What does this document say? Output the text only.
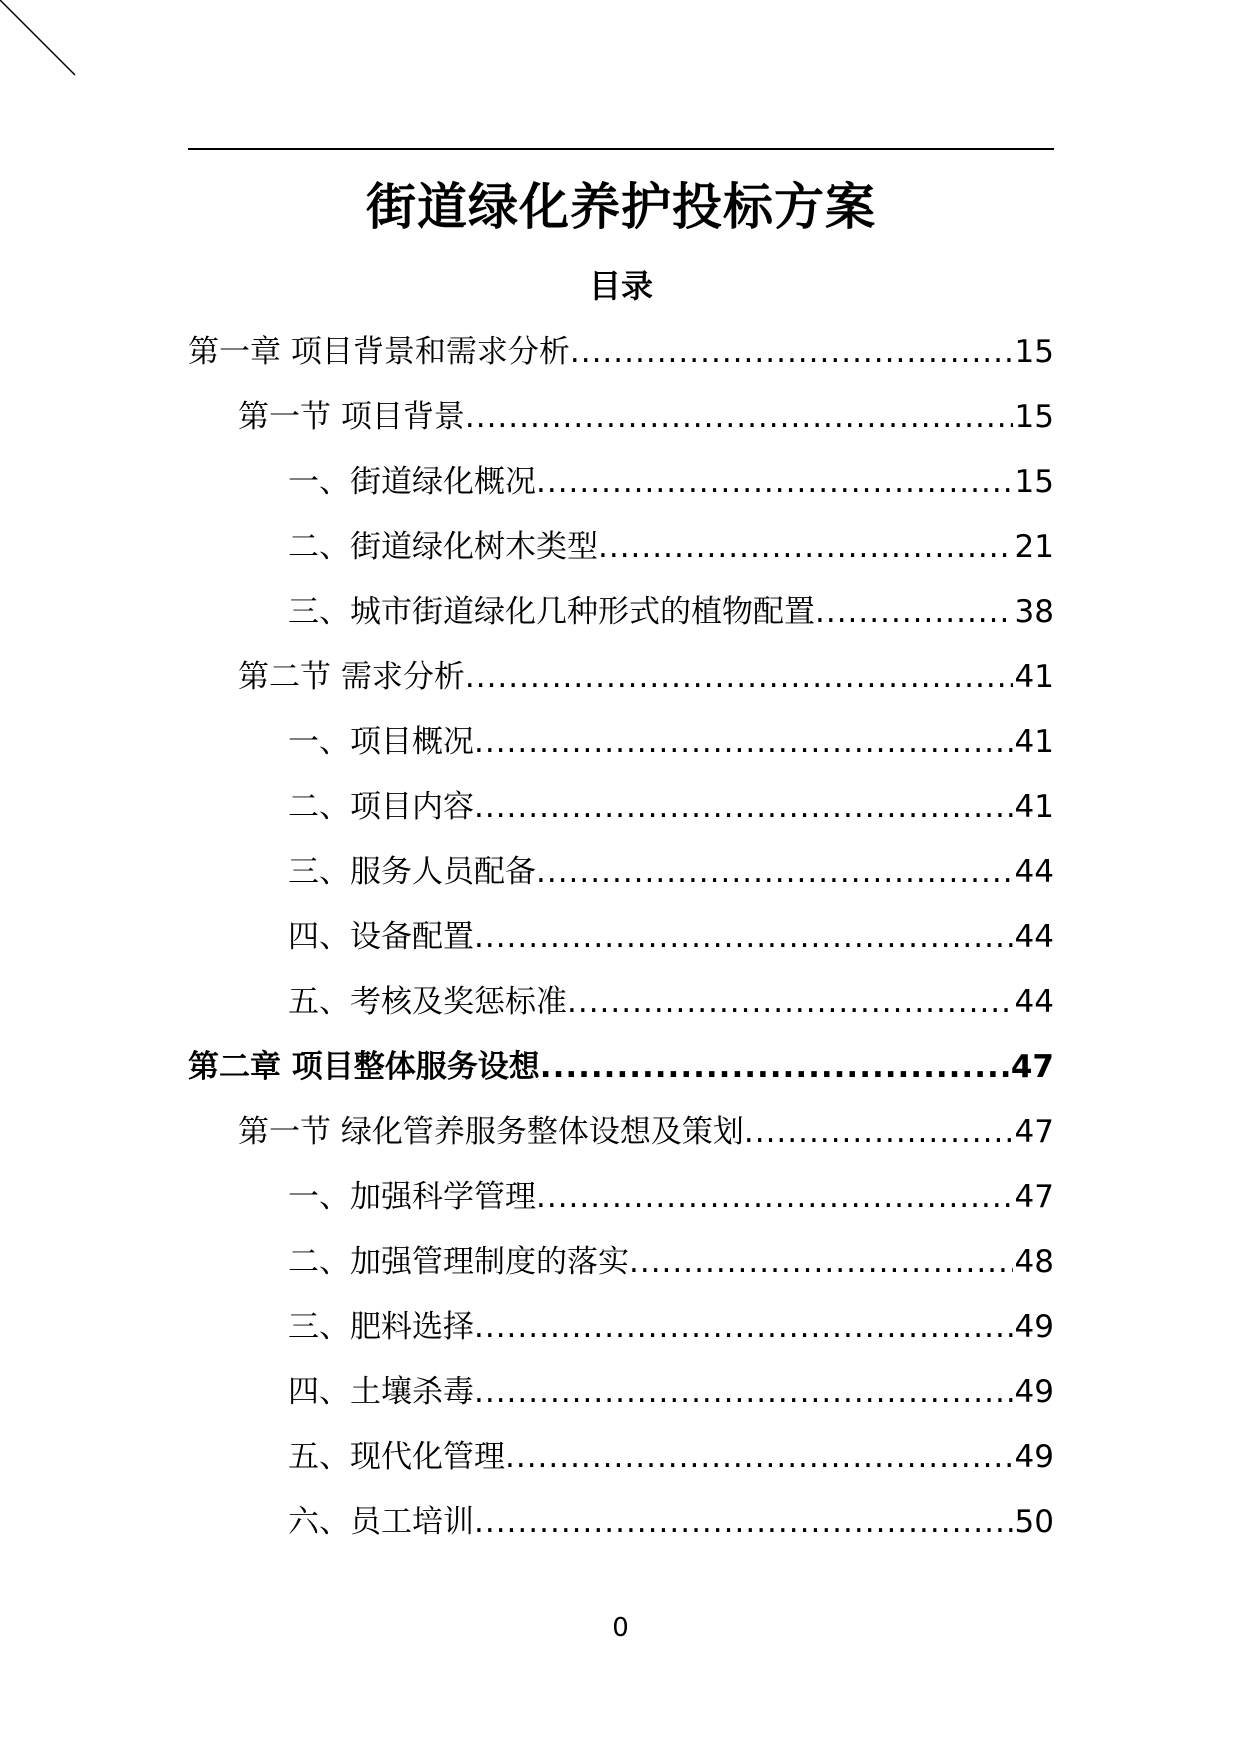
街道绿化养护投标方案
目录
第一章 项目背景和需求分析 .....	15
第一节 项目背景 .....	15
一、街道绿化概况 .....	15
二、街道绿化树木类型 .....	21
三、城市街道绿化几种形式的植物配置 .....	38
第二节 需求分析 .....	41
一、项目概况 .....	41
二、项目内容 .....	41
三、服务人员配备 .....	44
四、设备配置 .....	44
五、考核及奖惩标准 .....	44
第二章 项目整体服务设想 .....	47
第一节 绿化管养服务整体设想及策划 .....	47
一、加强科学管理 .....	47
二、加强管理制度的落实 .....	48
三、肥料选择 .....	49
四、土壤杀毒 .....	49
五、现代化管理 .....	49
六、员工培训 .....	50
0
